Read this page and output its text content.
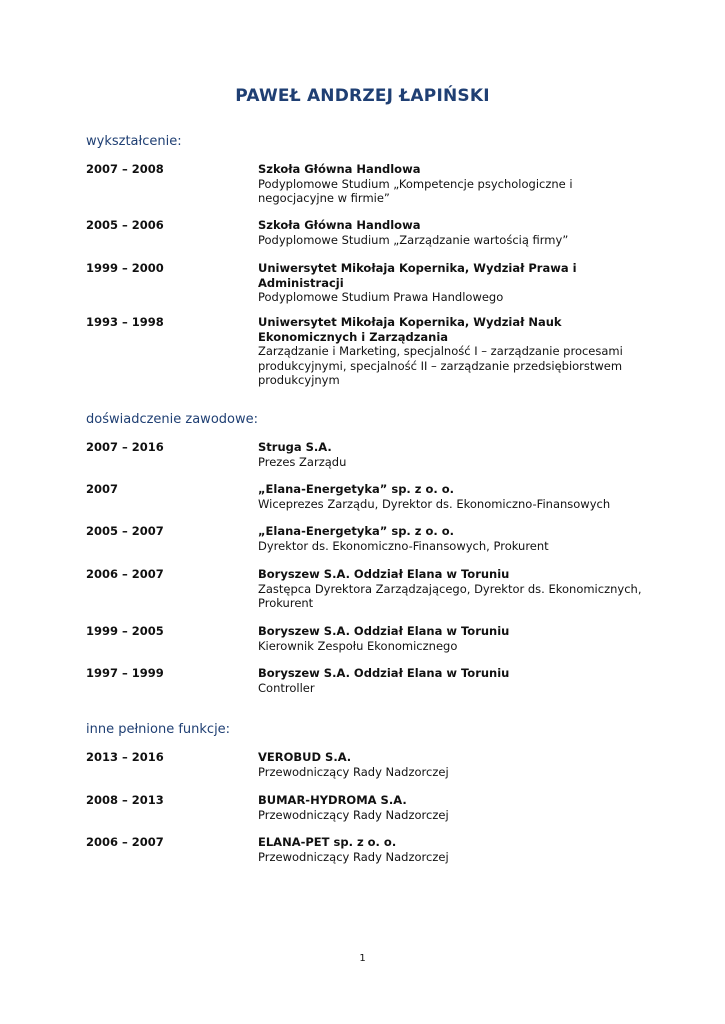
PAWEŁ ANDRZEJ ŁAPIŃSKI
wykształcenie:
2007 – 2008	Szkoła Główna Handlowa
Podyplomowe Studium „Kompetencje psychologiczne i negocjacyjne w firmie”
2005 – 2006	Szkoła Główna Handlowa
Podyplomowe Studium „Zarządzanie wartością firmy”
1999 – 2000	Uniwersytet Mikołaja Kopernika, Wydział Prawa i Administracji
Podyplomowe Studium Prawa Handlowego
1993 – 1998	Uniwersytet Mikołaja Kopernika, Wydział Nauk Ekonomicznych i Zarządzania
Zarządzanie i Marketing, specjalność I – zarządzanie procesami produkcyjnymi, specjalność II – zarządzanie przedsiębiorstwem produkcyjnym
doświadczenie zawodowe:
2007 – 2016	Struga S.A.
Prezes Zarządu
2007	„Elana-Energetyka” sp. z o. o.
Wiceprezes Zarządu, Dyrektor ds. Ekonomiczno-Finansowych
2005 – 2007	„Elana-Energetyka” sp. z o. o.
Dyrektor ds. Ekonomiczno-Finansowych, Prokurent
2006 – 2007	Boryszew S.A. Oddział Elana w Toruniu
Zastępca Dyrektora Zarządzającego, Dyrektor ds. Ekonomicznych, Prokurent
1999 – 2005	Boryszew S.A. Oddział Elana w Toruniu
Kierownik Zespołu Ekonomicznego
1997 – 1999	Boryszew S.A. Oddział Elana w Toruniu
Controller
inne pełnione funkcje:
2013 – 2016	VEROBUD S.A.
Przewodniczący Rady Nadzorczej
2008 – 2013	BUMAR-HYDROMA S.A.
Przewodniczący Rady Nadzorczej
2006 – 2007	ELANA-PET sp. z o. o.
Przewodniczący Rady Nadzorczej
1
